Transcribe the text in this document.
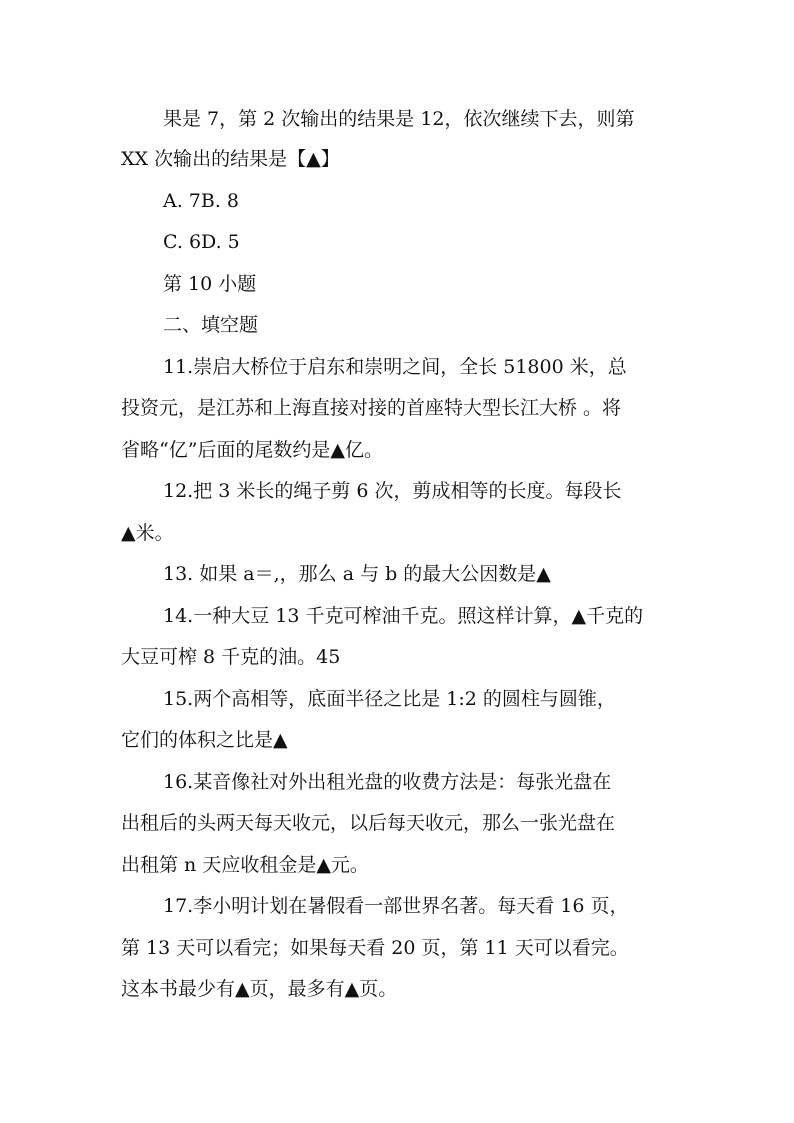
果是 7，第 2 次输出的结果是 12，依次继续下去，则第
XX 次输出的结果是【▲】
A. 7B. 8
C. 6D. 5
第 10 小题
二、填空题
11.崇启大桥位于启东和崇明之间，全长 51800 米，总
投资元，是江苏和上海直接对接的首座特大型长江大桥 。将
省略“亿”后面的尾数约是▲亿。
12.把 3 米长的绳子剪 6 次，剪成相等的长度。每段长
▲米。
13. 如果 a＝,，那么 a 与 b 的最大公因数是▲
14.一种大豆 13 千克可榨油千克。照这样计算，▲千克的
大豆可榨 8 千克的油。45
15.两个高相等，底面半径之比是 1:2 的圆柱与圆锥，
它们的体积之比是▲
16.某音像社对外出租光盘的收费方法是：每张光盘在
出租后的头两天每天收元，以后每天收元，那么一张光盘在
出租第 n 天应收租金是▲元。
17.李小明计划在暑假看一部世界名著。每天看 16 页，
第 13 天可以看完；如果每天看 20 页，第 11 天可以看完。
这本书最少有▲页，最多有▲页。
